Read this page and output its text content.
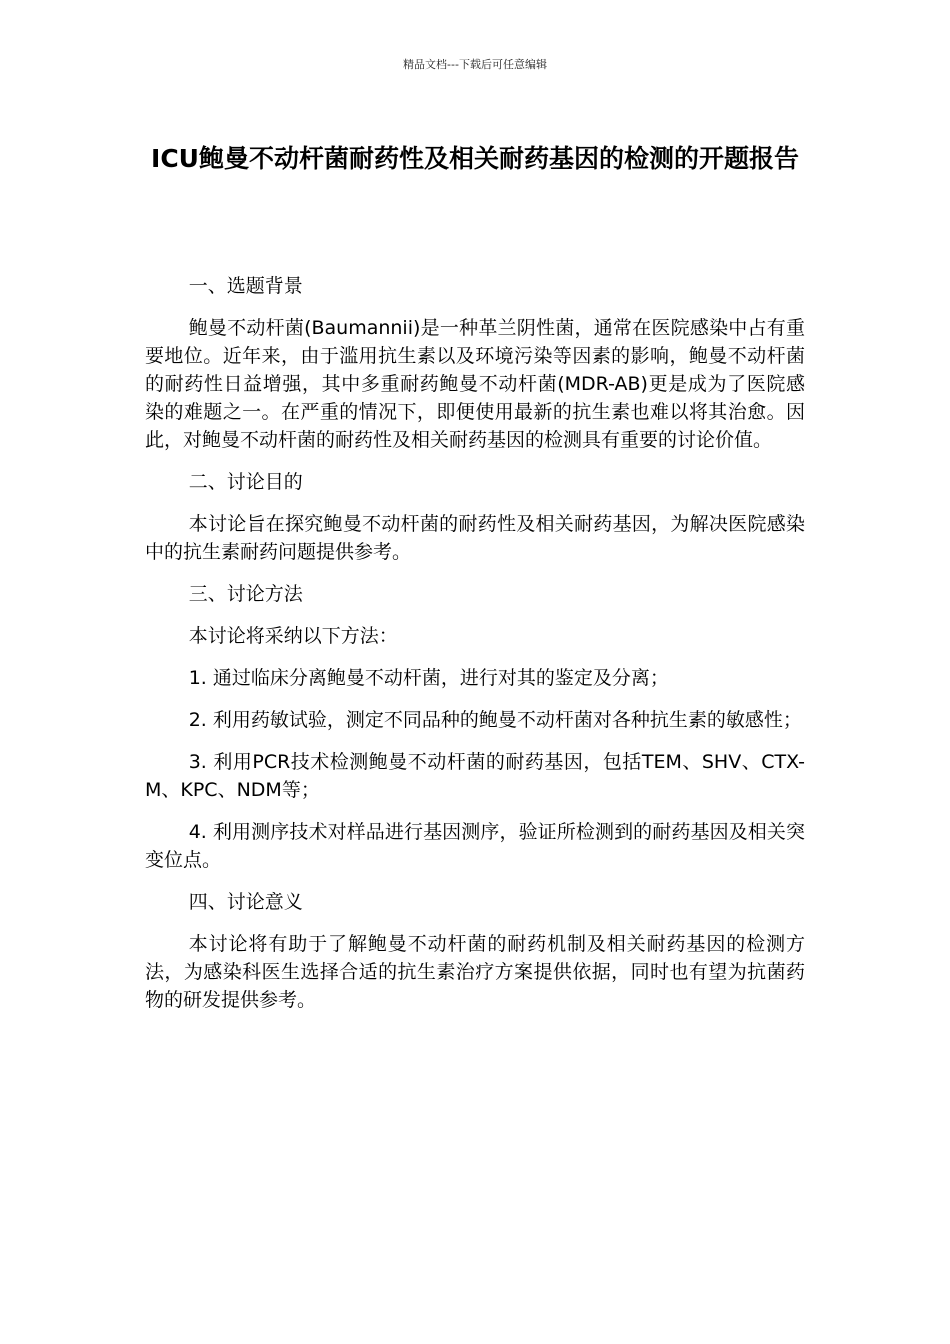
精品文档---下载后可任意编辑
ICU鲍曼不动杆菌耐药性及相关耐药基因的检测的开题报告

一、选题背景

鲍曼不动杆菌(Baumannii)是一种革兰阴性菌，通常在医院感染中占有重要地位。近年来，由于滥用抗生素以及环境污染等因素的影响，鲍曼不动杆菌的耐药性日益增强，其中多重耐药鲍曼不动杆菌(MDR-AB)更是成为了医院感染的难题之一。在严重的情况下，即便使用最新的抗生素也难以将其治愈。因此，对鲍曼不动杆菌的耐药性及相关耐药基因的检测具有重要的讨论价值。

二、讨论目的

本讨论旨在探究鲍曼不动杆菌的耐药性及相关耐药基因，为解决医院感染中的抗生素耐药问题提供参考。

三、讨论方法

本讨论将采纳以下方法：

1. 通过临床分离鲍曼不动杆菌，进行对其的鉴定及分离；

2. 利用药敏试验，测定不同品种的鲍曼不动杆菌对各种抗生素的敏感性；

3. 利用PCR技术检测鲍曼不动杆菌的耐药基因，包括TEM、SHV、CTX-M、KPC、NDM等；

4. 利用测序技术对样品进行基因测序，验证所检测到的耐药基因及相关突变位点。

四、讨论意义

本讨论将有助于了解鲍曼不动杆菌的耐药机制及相关耐药基因的检测方法，为感染科医生选择合适的抗生素治疗方案提供依据，同时也有望为抗菌药物的研发提供参考。
